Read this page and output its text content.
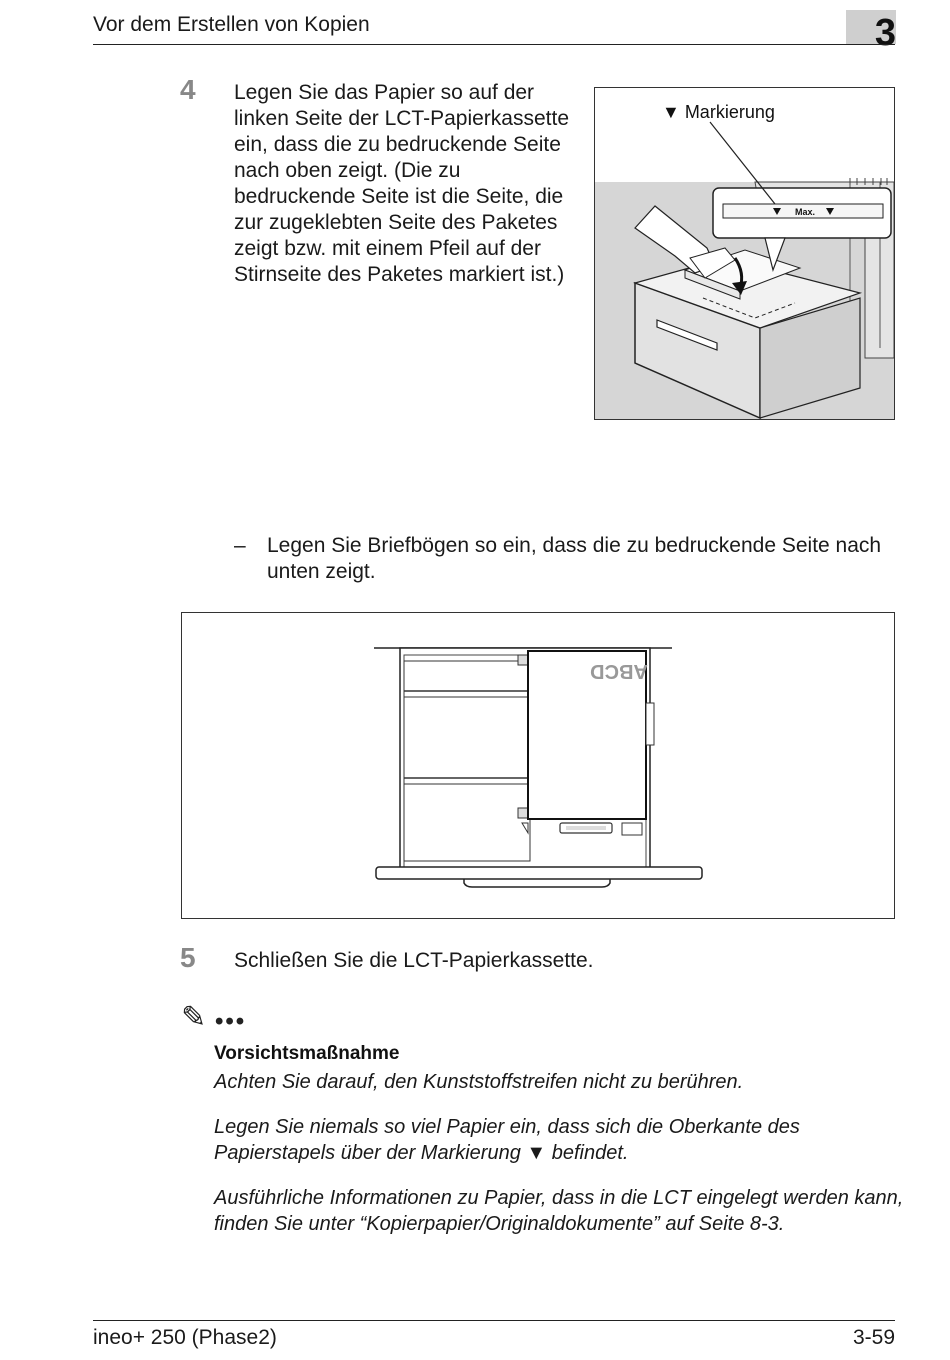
Vor dem Erstellen von Kopien	3
4 Legen Sie das Papier so auf der linken Seite der LCT-Papierkassette ein, dass die zu bedruckende Seite nach oben zeigt. (Die zu bedruckende Seite ist die Seite, die zur zugeklebten Seite des Paketes zeigt bzw. mit einem Pfeil auf der Stirnseite des Paketes markiert ist.)
Max.
▼ Markierung
– Legen Sie Briefbögen so ein, dass die zu bedruckende Seite nach unten zeigt.
ABCD
5 Schließen Sie die LCT-Papierkassette.
✎ •••
Vorsichtsmaßnahme
Achten Sie darauf, den Kunststoffstreifen nicht zu berühren.
Legen Sie niemals so viel Papier ein, dass sich die Oberkante des Papierstapels über der Markierung ▼ befindet.
Ausführliche Informationen zu Papier, dass in die LCT eingelegt werden kann, finden Sie unter “Kopierpapier/Originaldokumente” auf Seite 8-3.
ineo+ 250 (Phase2)	3-59
